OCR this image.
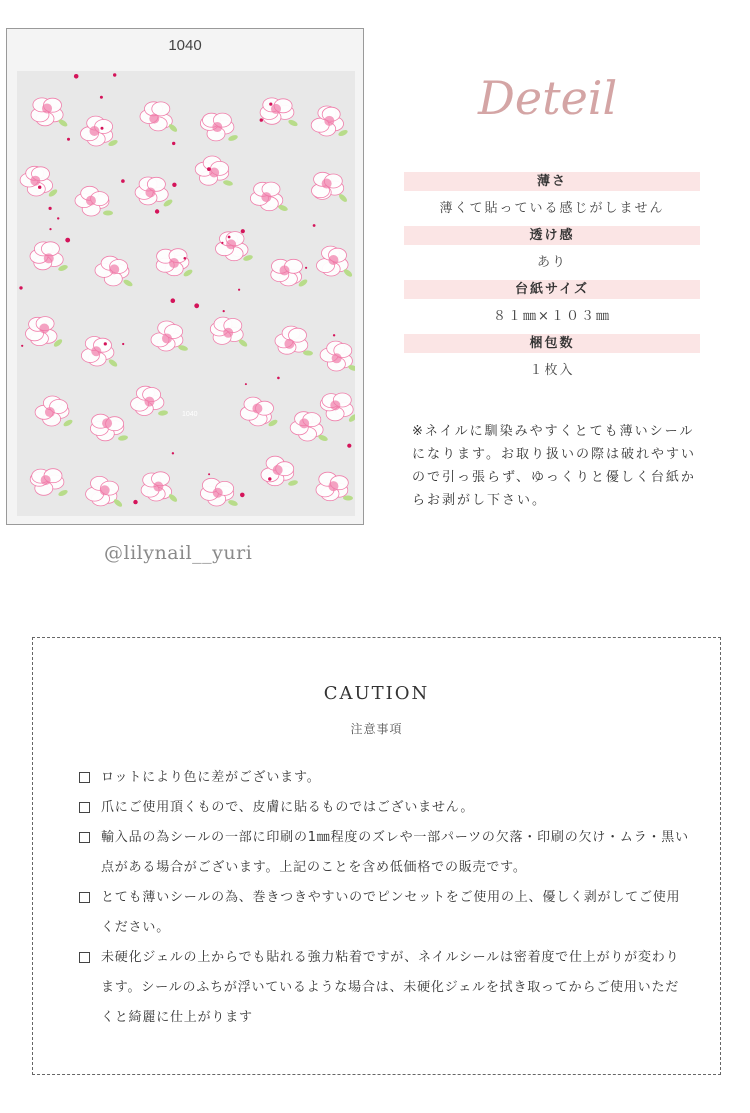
1040
1040
@lilynail__yuri
Deteil
薄さ
薄くて貼っている感じがしません
透け感
あり
台紙サイズ
８１㎜×１０３㎜
梱包数
１枚入

※ネイルに馴染みやすくとても薄いシールになります。お取り扱いの際は破れやすいので引っ張らず、ゆっくりと優しく台紙からお剥がし下さい。

CAUTION
注意事項
ロットにより色に差がございます。
爪にご使用頂くもので、皮膚に貼るものではございません。
輸入品の為シールの一部に印刷の1㎜程度のズレや一部パーツの欠落・印刷の欠け・ムラ・黒い点がある場合がございます。上記のことを含め低価格での販売です。
とても薄いシールの為、巻きつきやすいのでピンセットをご使用の上、優しく剥がしてご使用ください。
未硬化ジェルの上からでも貼れる強力粘着ですが、ネイルシールは密着度で仕上がりが変わります。シールのふちが浮いているような場合は、未硬化ジェルを拭き取ってからご使用いただくと綺麗に仕上がります
